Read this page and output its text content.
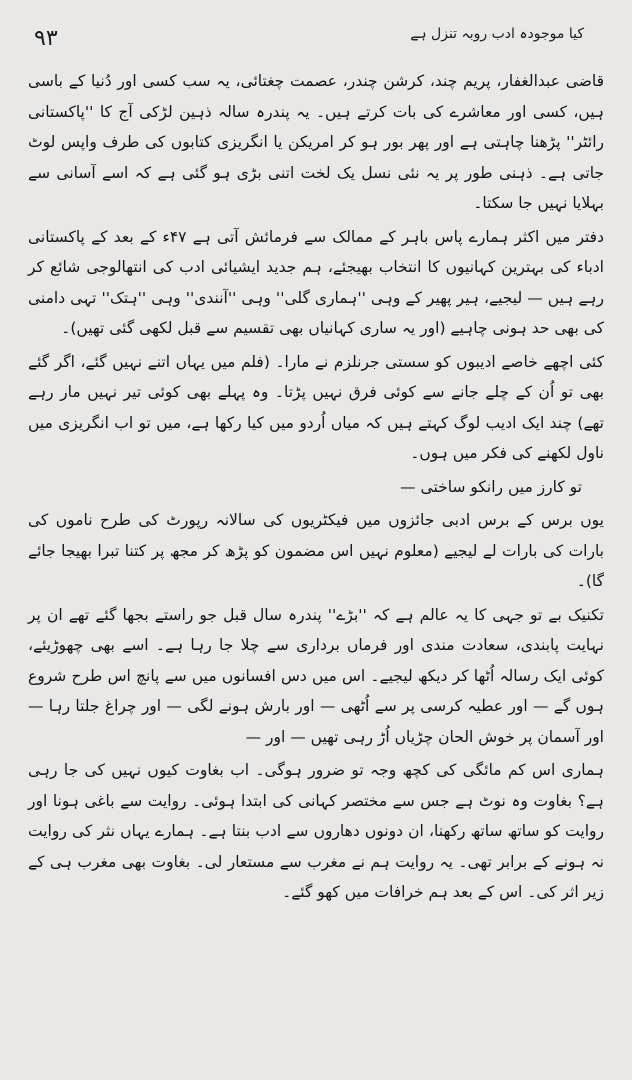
۹۳	کیا موجودہ ادب روبہ تنزل ہے

قاضی عبدالغفار، پریم چند، کرشن چندر، عصمت چغتائی، یہ سب کسی اور دُنیا کے باسی ہیں، کسی اور معاشرے کی بات کرتے ہیں۔ یہ پندرہ سالہ ذہین لڑکی آج کا ''پاکستانی رائٹر'' پڑھنا چاہتی ہے اور پھر بور ہو کر امریکن یا انگریزی کتابوں کی طرف واپس لوٹ جاتی ہے۔ ذہنی طور پر یہ نئی نسل یک لخت اتنی بڑی ہو گئی ہے کہ اسے آسانی سے بہلایا نہیں جا سکتا۔

دفتر میں اکثر ہمارے پاس باہر کے ممالک سے فرمائش آتی ہے ۴۷ء کے بعد کے پاکستانی ادباء کی بہترین کہانیوں کا انتخاب بھیجئے، ہم جدید ایشیائی ادب کی انتھالوجی شائع کر رہے ہیں — لیجیے، ہیر پھیر کے وہی ''ہماری گلی'' وہی ''آنندی'' وہی ''ہتک'' تہی دامنی کی بھی حد ہونی چاہیے (اور یہ ساری کہانیاں بھی تقسیم سے قبل لکھی گئی تھیں)۔

کئی اچھے خاصے ادیبوں کو سستی جرنلزم نے مارا۔ (فلم میں یہاں اتنے نہیں گئے، اگر گئے بھی تو اُن کے چلے جانے سے کوئی فرق نہیں پڑتا۔ وہ پہلے بھی کوئی تیر نہیں مار رہے تھے) چند ایک ادیب لوگ کہتے ہیں کہ میاں اُردو میں کیا رکھا ہے، میں تو اب انگریزی میں ناول لکھنے کی فکر میں ہوں۔

تو کارز میں رانکو ساختی —

یوں برس کے برس ادبی جائزوں میں فیکٹریوں کی سالانہ رپورٹ کی طرح ناموں کی بارات کی بارات لے لیجیے (معلوم نہیں اس مضمون کو پڑھ کر مجھ پر کتنا تبرا بھیجا جائے گا)۔

تکنیک بے تو جہی کا یہ عالم ہے کہ ''بڑے'' پندرہ سال قبل جو راستے بجھا گئے تھے ان پر نہایت پابندی، سعادت مندی اور فرماں برداری سے چلا جا رہا ہے۔ اسے بھی چھوڑیئے، کوئی ایک رسالہ اُٹھا کر دیکھ لیجیے۔ اس میں دس افسانوں میں سے پانچ اس طرح شروع ہوں گے — اور عطیہ کرسی پر سے اُٹھی — اور بارش ہونے لگی — اور چراغ جلتا رہا — اور آسمان پر خوش الحان چڑیاں اُڑ رہی تھیں — اور —

ہماری اس کم مائگی کی کچھ وجہ تو ضرور ہوگی۔ اب بغاوت کیوں نہیں کی جا رہی ہے؟ بغاوت وہ نوٹ ہے جس سے مختصر کہانی کی ابتدا ہوئی۔ روایت سے باغی ہونا اور روایت کو ساتھ ساتھ رکھنا، ان دونوں دھاروں سے ادب بنتا ہے۔ ہمارے یہاں نثر کی روایت نہ ہونے کے برابر تھی۔ یہ روایت ہم نے مغرب سے مستعار لی۔ بغاوت بھی مغرب ہی کے زیر اثر کی۔ اس کے بعد ہم خرافات میں کھو گئے۔
